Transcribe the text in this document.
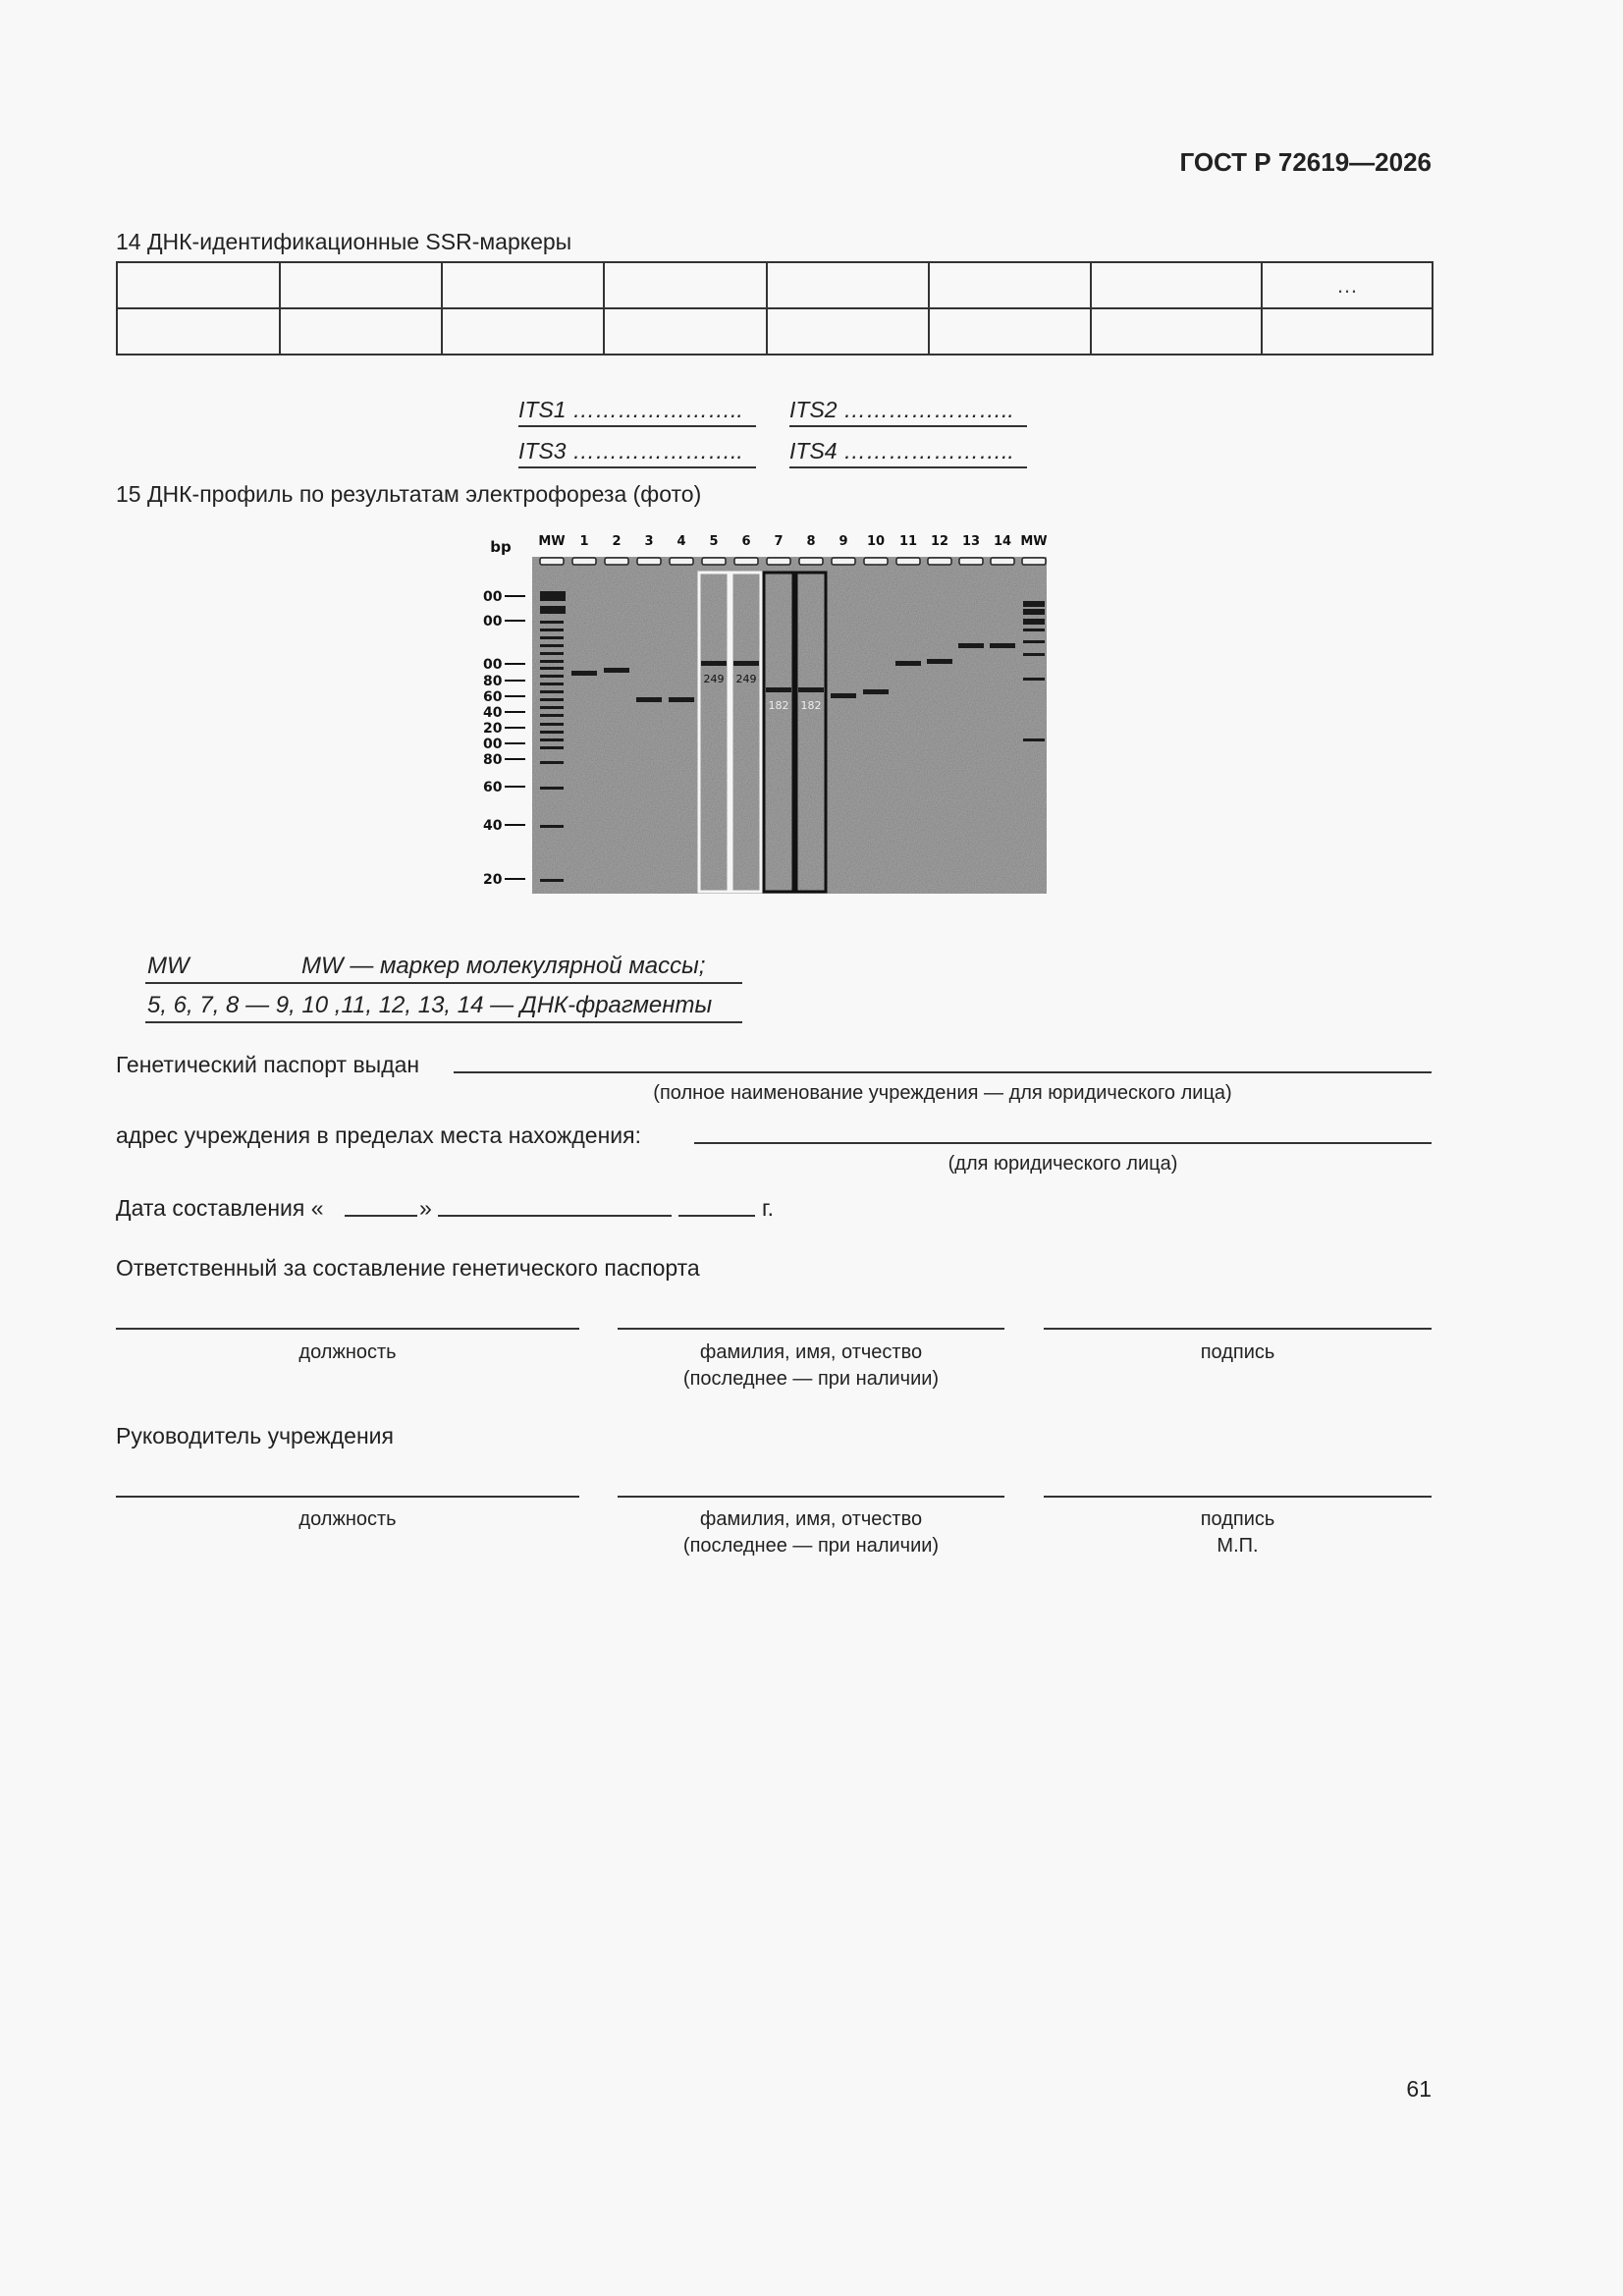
ГОСТ Р 72619—2026
14 ДНК-идентификационные SSR-маркеры
							…

ITS1 …………………..	ITS2 …………………..
ITS3 …………………..	ITS4 …………………..
15 ДНК-профиль по результатам электрофореза (фото)
bp MW 1 2 3 4 5 6 7 8 9 10 11 12 13 14 MW
00
00
00
80
60
40
20
00
80
60
40
20
249 249
182 182
MW	MW — маркер молекулярной массы;
5, 6, 7, 8 — 9, 10 ,11, 12, 13, 14 — ДНК-фрагменты
Генетический паспорт выдан
(полное наименование учреждения — для юридического лица)
адрес учреждения в пределах места нахождения:
(для юридического лица)
Дата составления «	»	г.
Ответственный за составление генетического паспорта
должность	фамилия, имя, отчество
(последнее — при наличии)
подпись
Руководитель учреждения
должность	фамилия, имя, отчество
(последнее — при наличии)
подпись
М.П.
61
